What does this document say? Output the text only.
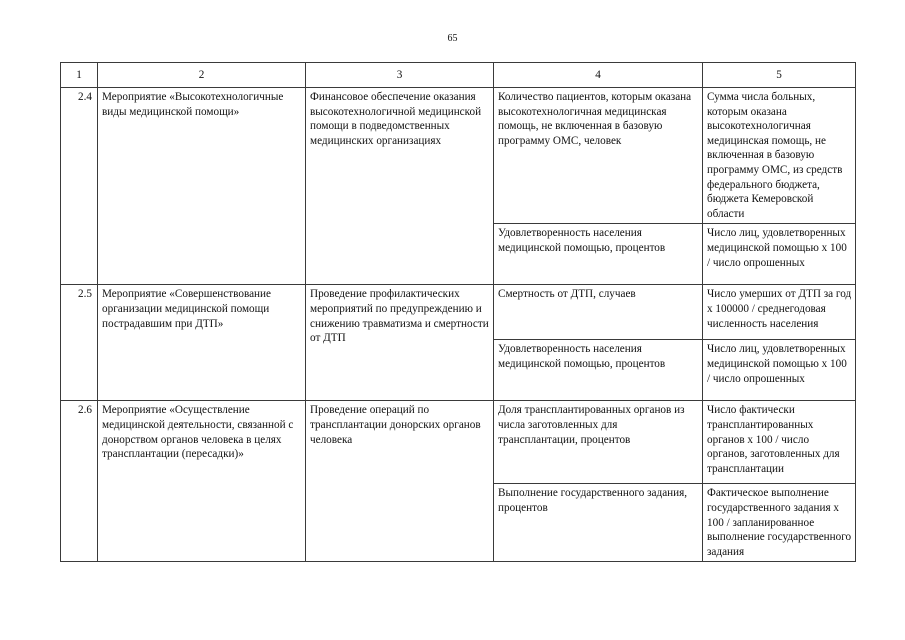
65
1	2	3	4	5
2.4	Мероприятие «Высокотехнологичные виды медицинской помощи»	Финансовое обеспечение оказания высокотехнологичной медицинской помощи в подведомственных медицинских организациях	Количество пациентов, которым оказана высокотехнологичная медицинская помощь, не включенная в базовую программу ОМС, человек	Сумма числа больных, которым оказана высокотехнологичная медицинская помощь, не включенная в базовую программу ОМС, из средств федерального бюджета, бюджета Кемеровской области
			Удовлетворенность населения медицинской помощью, процентов	Число лиц, удовлетворенных медицинской помощью х 100 / число опрошенных
2.5	Мероприятие «Совершенствование организации медицинской помощи пострадавшим при ДТП»	Проведение профилактических мероприятий по предупреждению и снижению травматизма и смертности от ДТП	Смертность от ДТП, случаев	Число умерших от ДТП за год х 100000 / среднегодовая численность населения
			Удовлетворенность населения медицинской помощью, процентов	Число лиц, удовлетворенных медицинской помощью х 100 / число опрошенных
2.6	Мероприятие «Осуществление медицинской деятельности, связанной с донорством органов человека в целях трансплантации (пересадки)»	Проведение операций по трансплантации донорских органов человека	Доля трансплантированных органов из числа заготовленных для трансплантации, процентов	Число фактически трансплантированных органов х 100 / число органов, заготовленных для трансплантации
			Выполнение государственного задания, процентов	Фактическое выполнение государственного задания х 100 / запланированное выполнение государственного задания
